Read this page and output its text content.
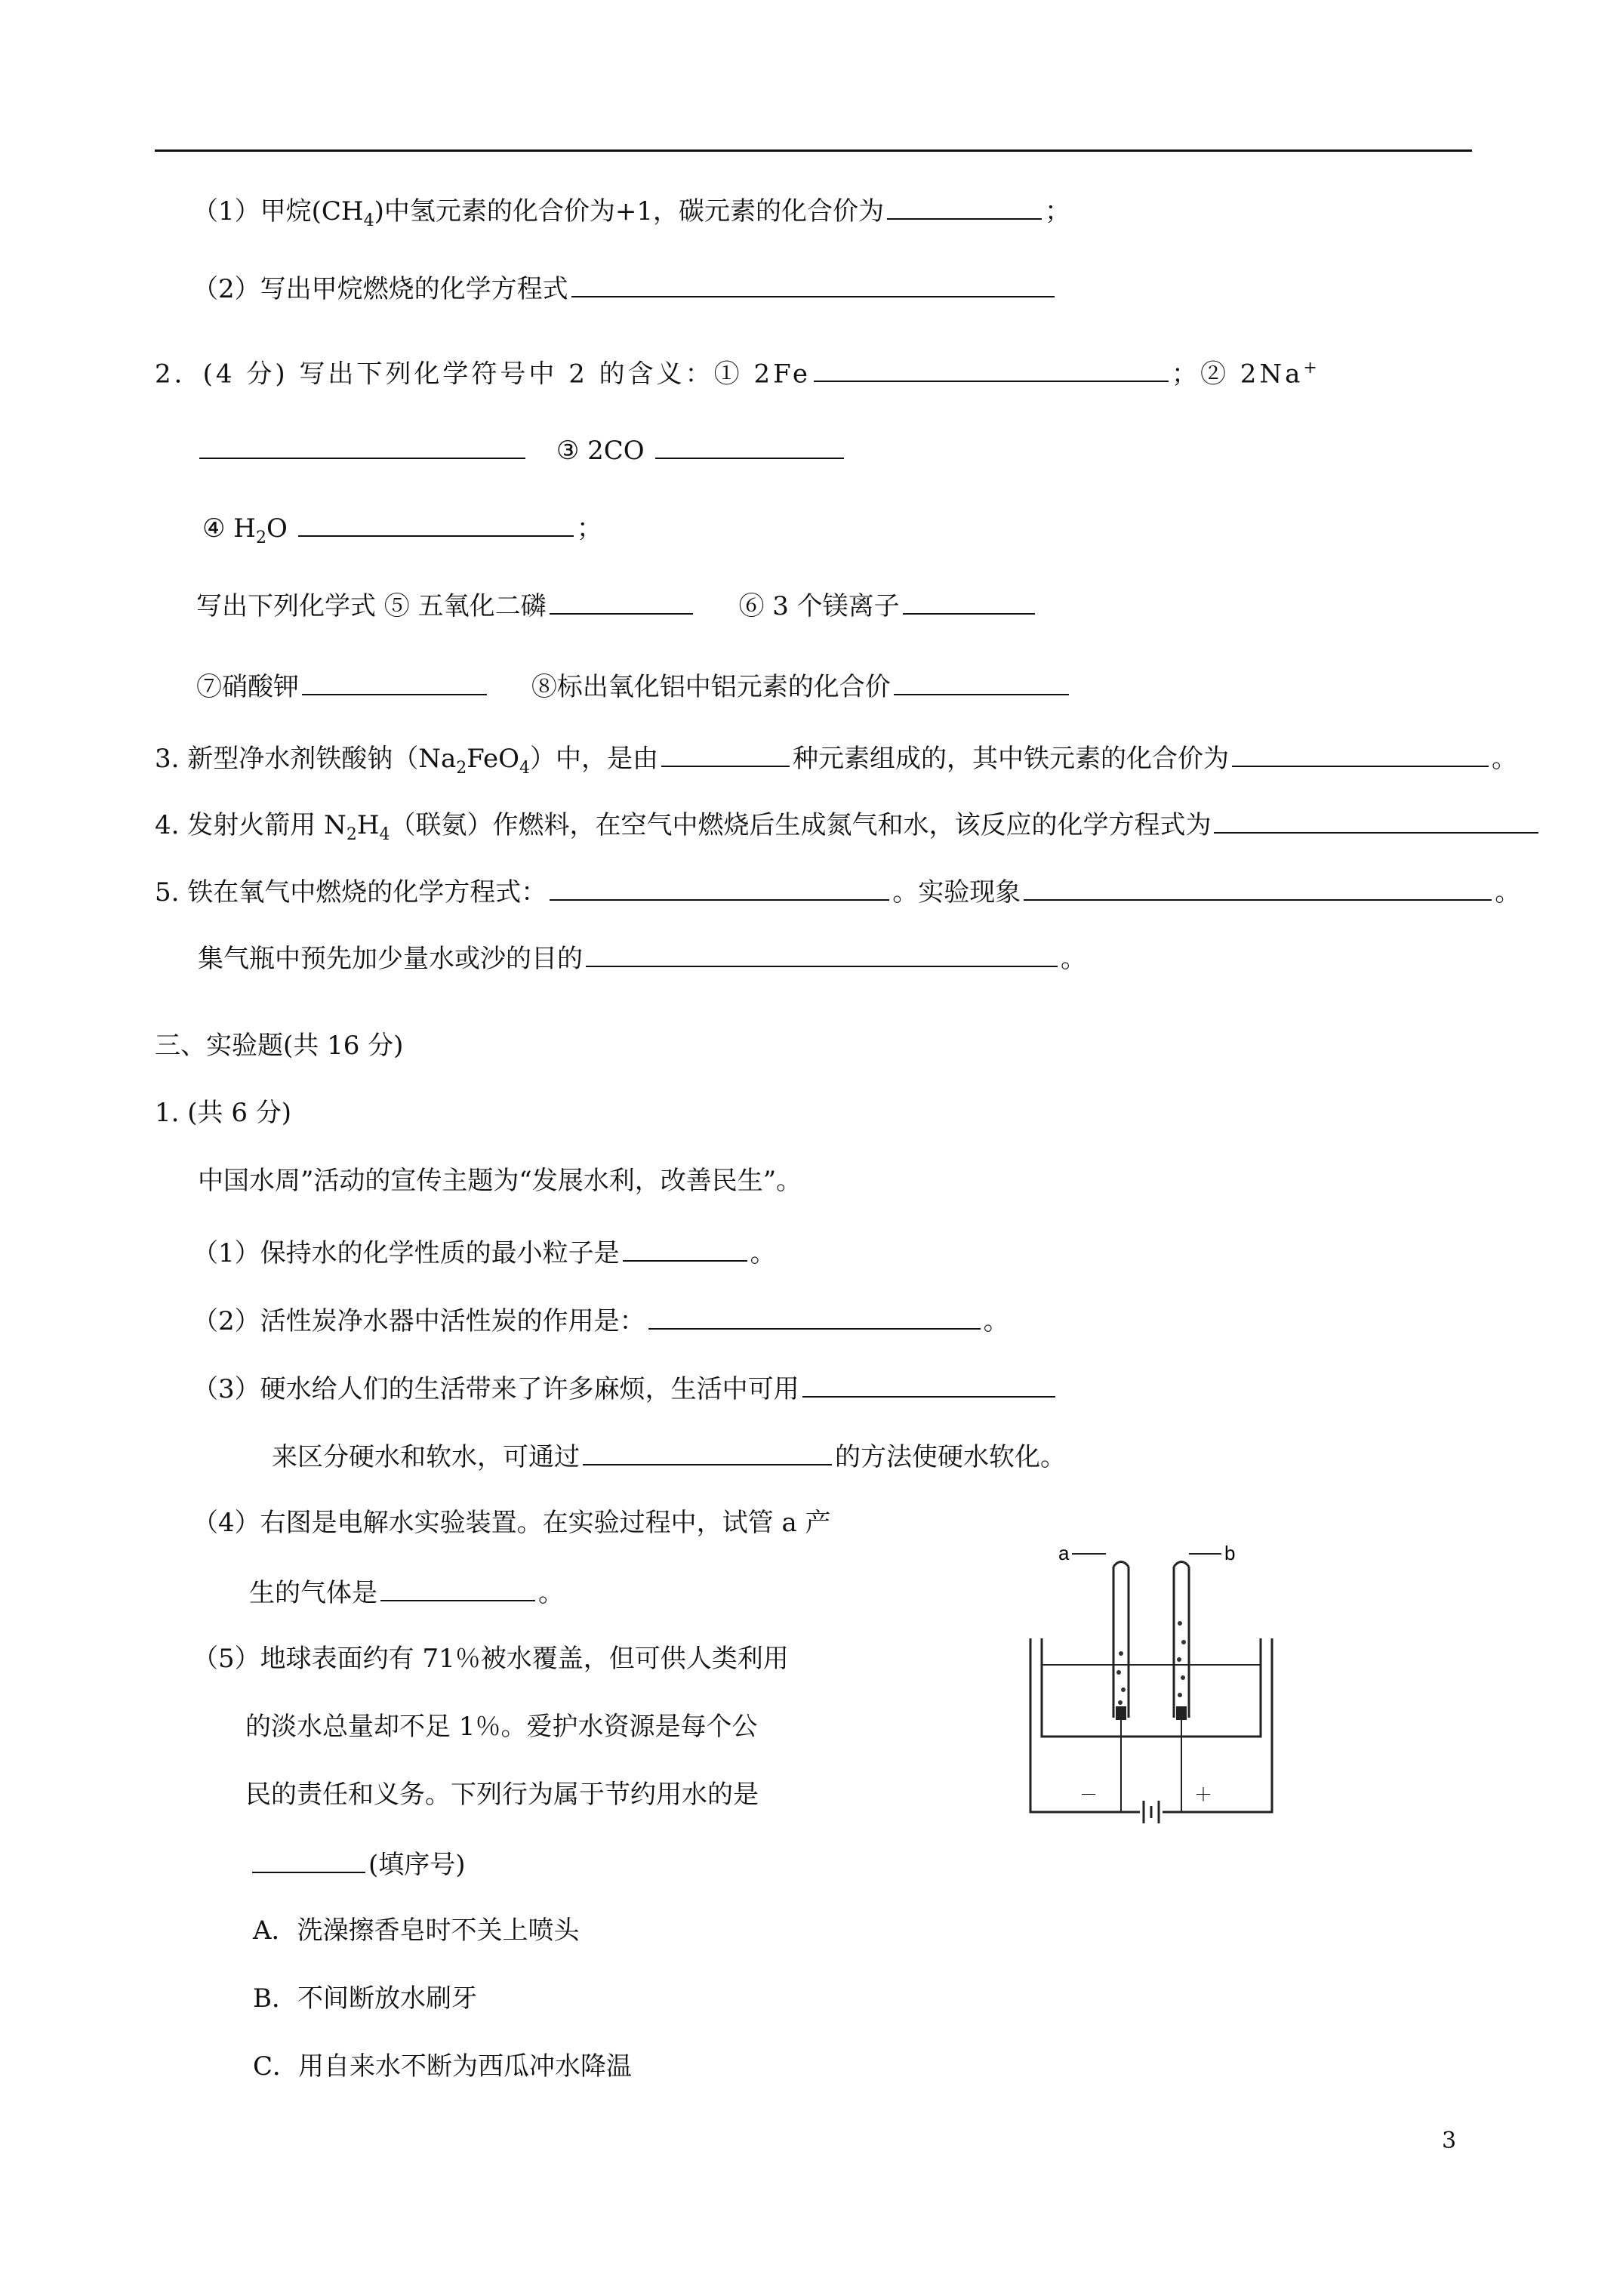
（1）甲烷$(CH_4)$中氢元素的化合价为+1，碳元素的化合价为	；
（2）写出甲烷燃烧的化学方程式
2．(4 分) 写出下列化学符号中 2 的含义：① 2Fe	；② 2Na+
③ 2CO
④ $H_2O$	；
写出下列化学式 ⑤ 五氧化二磷	⑥ 3 个镁离子
⑦硝酸钾	⑧标出氧化铝中铝元素的化合价
3. 新型净水剂铁酸钠$(Na_2FeO_4)$中，是由	种元素组成的，其中铁元素的化合价为	。
4. 发射火箭用 $N_2H_4$（联氨）作燃料，在空气中燃烧后生成氮气和水，该反应的化学方程式为
5. 铁在氧气中燃烧的化学方程式：	。实验现象	。
集气瓶中预先加少量水或沙的目的	。
三、实验题(共 16 分)
1. (共 6 分)
中国水周”活动的宣传主题为“发展水利，改善民生”。
（1）保持水的化学性质的最小粒子是	。
（2）活性炭净水器中活性炭的作用是：	。
（3）硬水给人们的生活带来了许多麻烦，生活中可用
来区分硬水和软水，可通过	的方法使硬水软化。
（4）右图是电解水实验装置。在实验过程中，试管 a 产
生的气体是	。
（5）地球表面约有 71％被水覆盖，但可供人类利用
的淡水总量却不足 1％。爱护水资源是每个公
民的责任和义务。下列行为属于节约用水的是
(填序号)
A．洗澡擦香皂时不关上喷头
B．不间断放水刷牙
C．用自来水不断为西瓜冲水降温
a	b
－	＋
3
